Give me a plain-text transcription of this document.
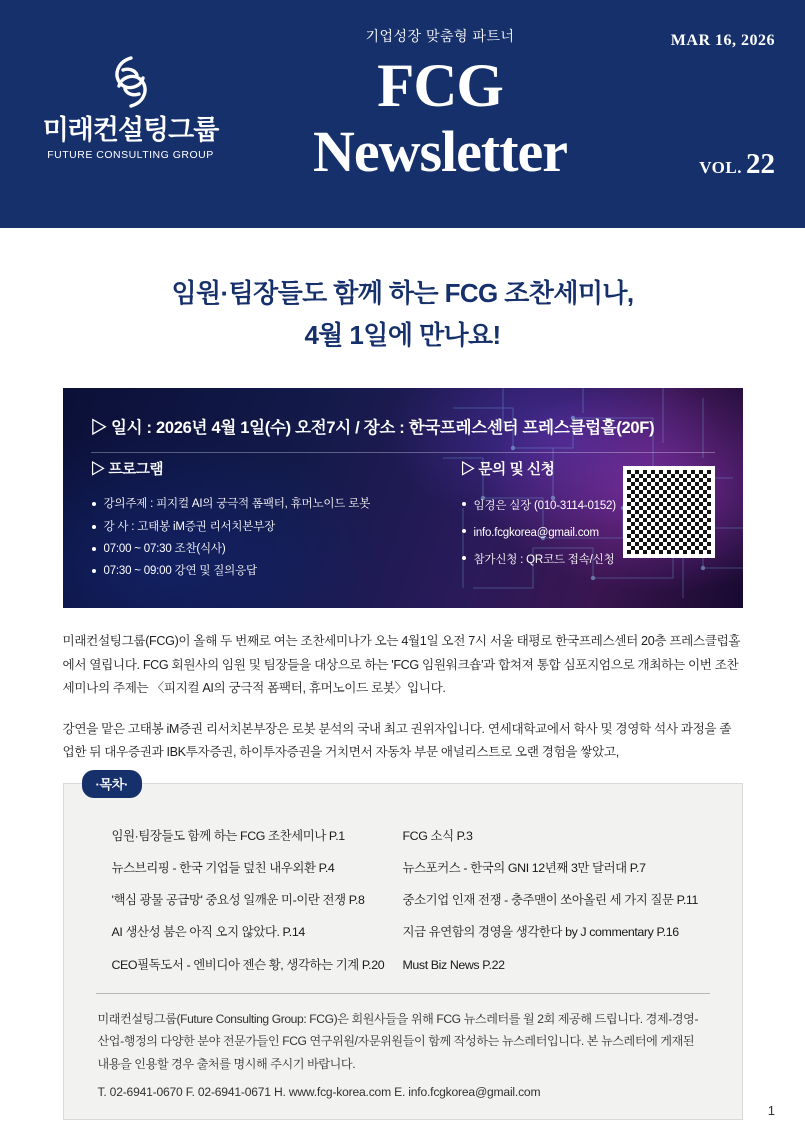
미래컨설팅그룹
FUTURE CONSULTING GROUP
기업성장 맞춤형 파트너
FCG
Newsletter
MAR 16, 2026
VOL. 22
임원·팀장들도 함께 하는 FCG 조찬세미나,
4월 1일에 만나요!
▷ 일시 : 2026년 4월 1일(수) 오전7시 / 장소 : 한국프레스센터 프레스클럽홀(20F)
▷ 프로그램
강의주제 : 피지컬 AI의 궁극적 폼팩터, 휴머노이드 로봇
강 사 : 고태봉 iM증권 리서치본부장
07:00 ~ 07:30 조찬(식사)
07:30 ~ 09:00 강연 및 질의응답
▷ 문의 및 신청
임경은 실장 (010-3114-0152)
info.fcgkorea@gmail.com
참가신청 : QR코드 접속/신청

미래컨설팅그룹(FCG)이 올해 두 번째로 여는 조찬세미나가 오는 4월1일 오전 7시 서울 태평로 한국프레스센터 20층 프레스클럽홀에서 열립니다. FCG 회원사의 임원 및 팀장들을 대상으로 하는 'FCG 임원워크숍'과 합쳐져 통합 심포지엄으로 개최하는 이번 조찬세미나의 주제는 〈피지컬 AI의 궁극적 폼팩터, 휴머노이드 로봇〉입니다.

강연을 맡은 고태봉 iM증권 리서치본부장은 로봇 분석의 국내 최고 권위자입니다. 연세대학교에서 학사 및 경영학 석사 과정을 졸업한 뒤 대우증권과 IBK투자증권, 하이투자증권을 거치면서 자동차 부문 애널리스트로 오랜 경험을 쌓았고,

·목차·
임원·팀장들도 함께 하는 FCG 조찬세미나 P.1
뉴스브리핑 - 한국 기업들 덮친 내우외환 P.4
'핵심 광물 공급망' 중요성 일깨운 미-이란 전쟁 P.8
AI 생산성 붐은 아직 오지 않았다. P.14
CEO필독도서 - 엔비디아 젠슨 황, 생각하는 기계 P.20
FCG 소식 P.3
뉴스포커스 - 한국의 GNI 12년째 3만 달러대 P.7
중소기업 인재 전쟁 - 충주맨이 쏘아올린 세 가지 질문 P.11
지금 유연함의 경영을 생각한다 by J commentary P.16
Must Biz News P.22
미래컨설팅그룹(Future Consulting Group: FCG)은 회원사들을 위해 FCG 뉴스레터를 월 2회 제공해 드립니다. 경제-경영-산업-행정의 다양한 분야 전문가들인 FCG 연구위원/자문위원들이 함께 작성하는 뉴스레터입니다. 본 뉴스레터에 게재된 내용을 인용할 경우 출처를 명시해 주시기 바랍니다.
T. 02-6941-0670 F. 02-6941-0671 H. www.fcg-korea.com E. info.fcgkorea@gmail.com
1
